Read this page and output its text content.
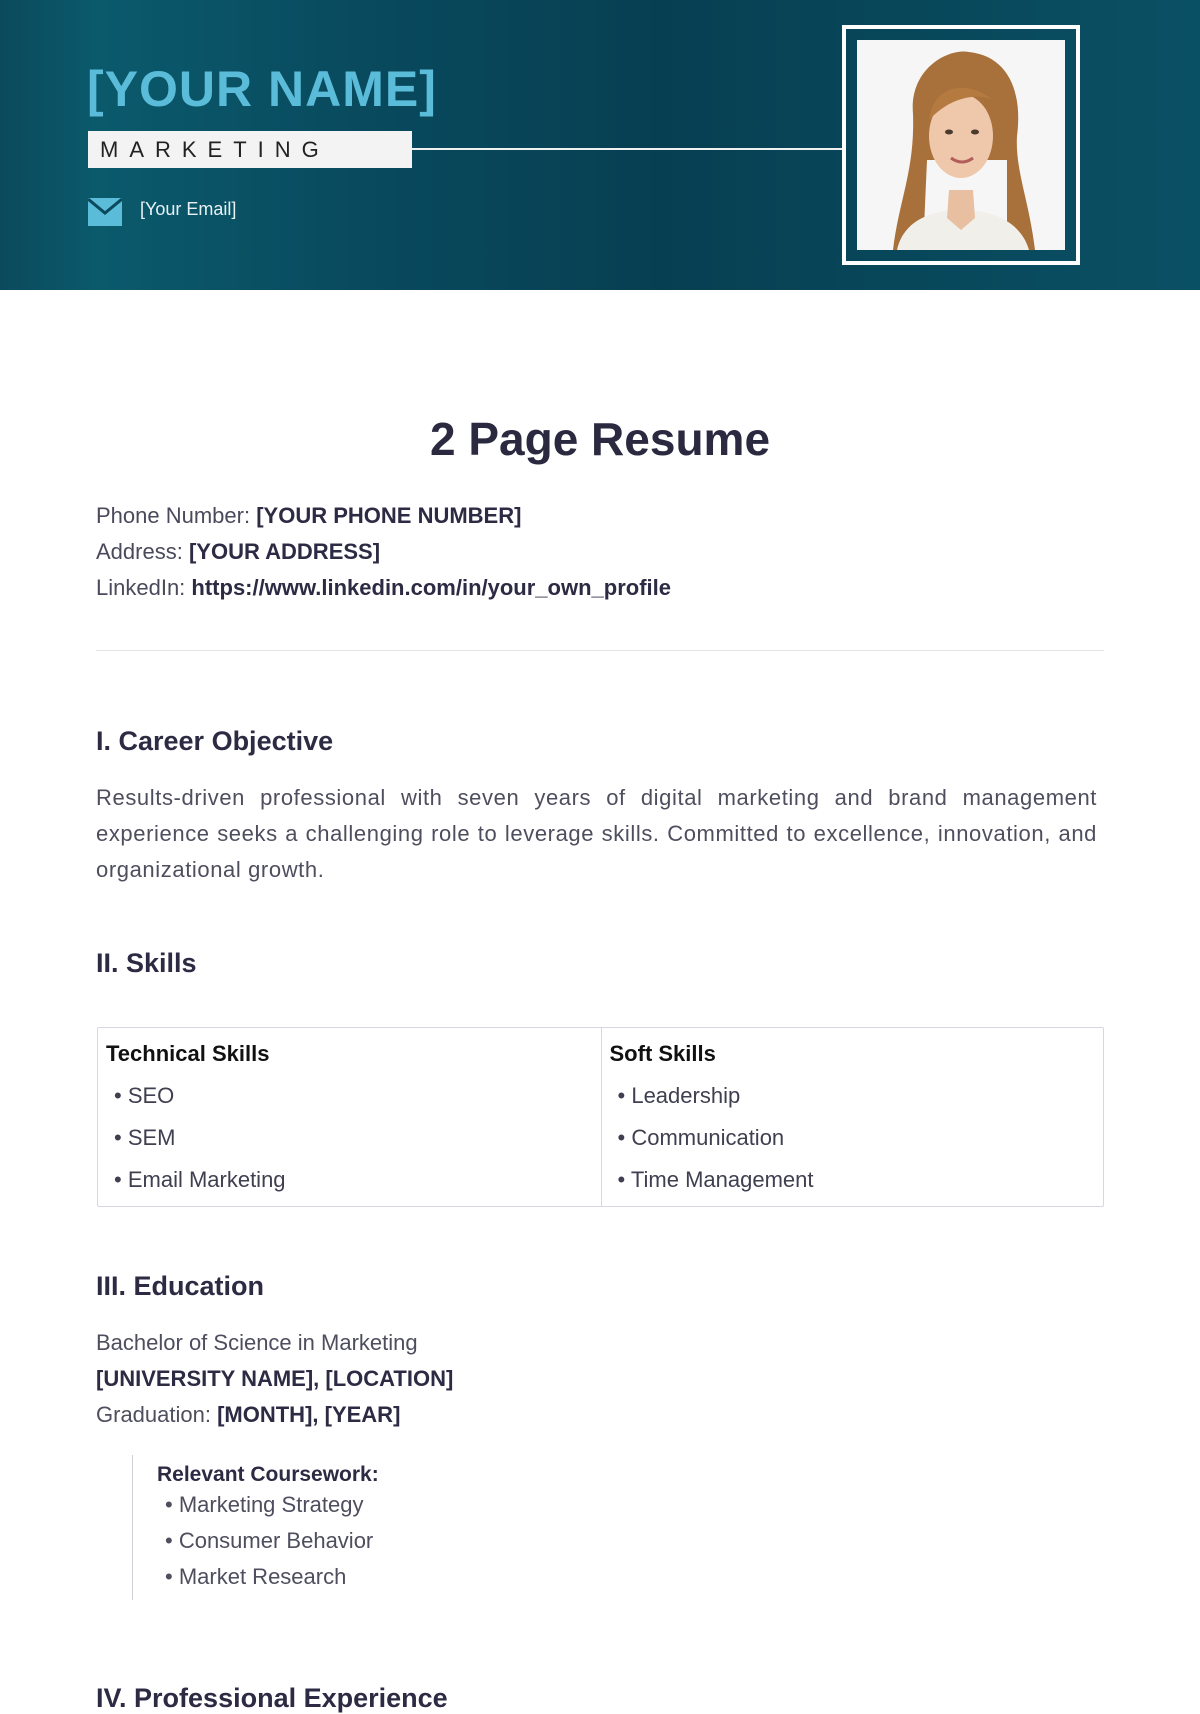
[YOUR NAME]
MARKETING
[Your Email]
2 Page Resume
Phone Number: [YOUR PHONE NUMBER]
Address: [YOUR ADDRESS]
LinkedIn: https://www.linkedin.com/in/your_own_profile
I. Career Objective
Results-driven professional with seven years of digital marketing and brand management experience seeks a challenging role to leverage skills. Committed to excellence, innovation, and organizational growth.
II. Skills
Technical Skills
• SEO
• SEM
• Email Marketing
Soft Skills
• Leadership
• Communication
• Time Management
III. Education
Bachelor of Science in Marketing
[UNIVERSITY NAME], [LOCATION]
Graduation: [MONTH], [YEAR]
Relevant Coursework:
• Marketing Strategy
• Consumer Behavior
• Market Research
IV. Professional Experience
